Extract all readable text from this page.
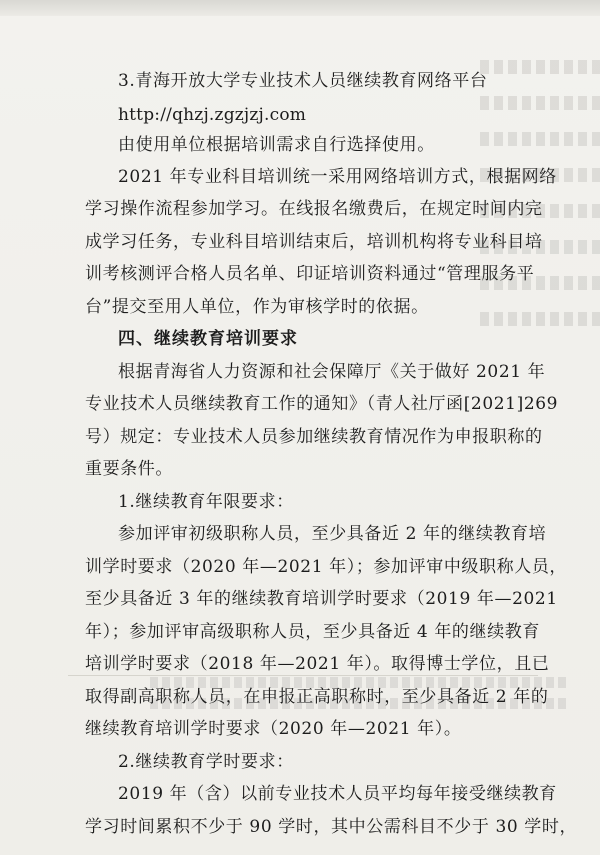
3.青海开放大学专业技术人员继续教育网络平台

http://qhzj.zgzjzj.com

由使用单位根据培训需求自行选择使用。

2021 年专业科目培训统一采用网络培训方式，根据网络

学习操作流程参加学习。在线报名缴费后，在规定时间内完

成学习任务，专业科目培训结束后，培训机构将专业科目培

训考核测评合格人员名单、印证培训资料通过“管理服务平

台”提交至用人单位，作为审核学时的依据。

四、继续教育培训要求

根据青海省人力资源和社会保障厅《关于做好 2021 年

专业技术人员继续教育工作的通知》（青人社厅函[2021]269

号）规定：专业技术人员参加继续教育情况作为申报职称的

重要条件。

1.继续教育年限要求：

参加评审初级职称人员，至少具备近 2 年的继续教育培

训学时要求（2020 年—2021 年）；参加评审中级职称人员，

至少具备近 3 年的继续教育培训学时要求（2019 年—2021

年）；参加评审高级职称人员，至少具备近 4 年的继续教育

培训学时要求（2018 年—2021 年）。取得博士学位，且已

取得副高职称人员，在申报正高职称时，至少具备近 2 年的

继续教育培训学时要求（2020 年—2021 年）。

2.继续教育学时要求：

2019 年（含）以前专业技术人员平均每年接受继续教育

学习时间累积不少于 90 学时，其中公需科目不少于 30 学时，
